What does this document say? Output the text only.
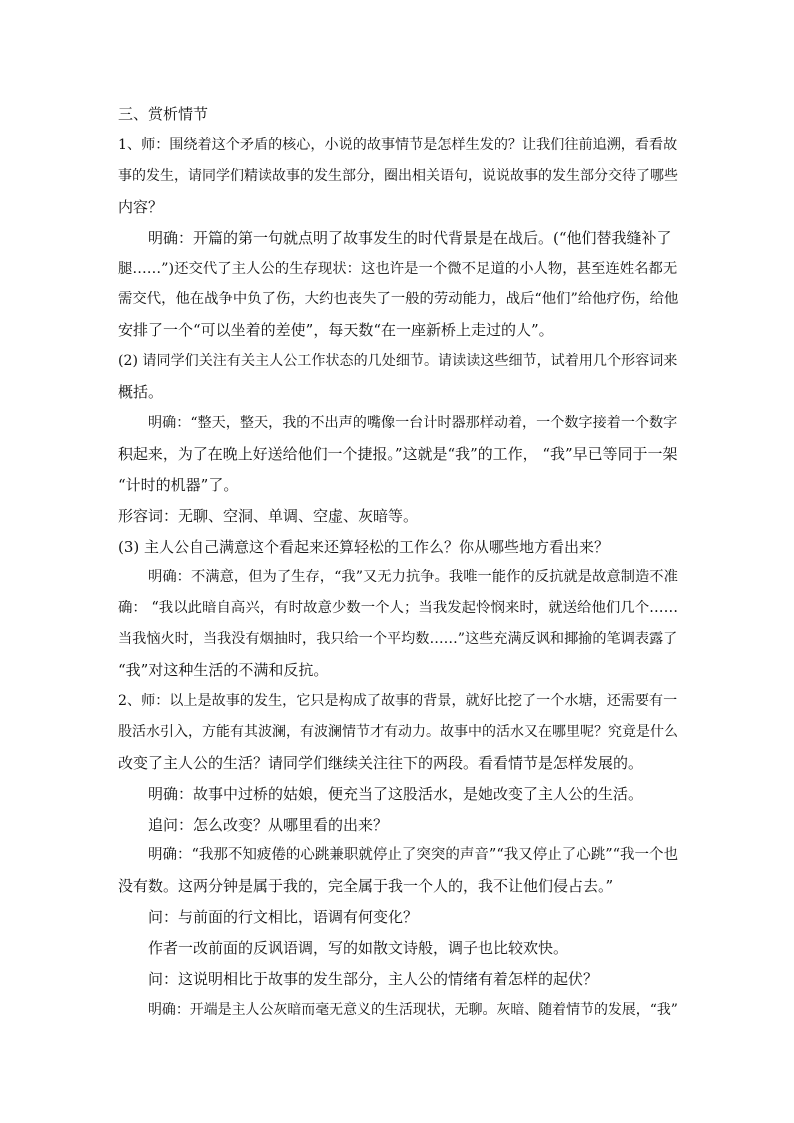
三、赏析情节
1、师：围绕着这个矛盾的核心，小说的故事情节是怎样生发的？让我们往前追溯，看看故
事的发生，请同学们精读故事的发生部分，圈出相关语句，说说故事的发生部分交待了哪些
内容？
明确：开篇的第一句就点明了故事发生的时代背景是在战后。(“他们替我缝补了
腿……”)还交代了主人公的生存现状：这也许是一个微不足道的小人物，甚至连姓名都无
需交代，他在战争中负了伤，大约也丧失了一般的劳动能力，战后“他们”给他疗伤，给他
安排了一个“可以坐着的差使”，每天数“在一座新桥上走过的人”。
(2) 请同学们关注有关主人公工作状态的几处细节。请读读这些细节，试着用几个形容词来
概括。
明确：“整天，整天，我的不出声的嘴像一台计时器那样动着，一个数字接着一个数字
积起来，为了在晚上好送给他们一个捷报。”这就是“我”的工作， “我”早已等同于一架
“计时的机器”了。
形容词：无聊、空洞、单调、空虚、灰暗等。
(3) 主人公自己满意这个看起来还算轻松的工作么？你从哪些地方看出来？
明确：不满意，但为了生存，“我”又无力抗争。我唯一能作的反抗就是故意制造不准
确： “我以此暗自高兴，有时故意少数一个人；当我发起怜悯来时，就送给他们几个……
当我恼火时，当我没有烟抽时，我只给一个平均数……”这些充满反讽和揶揄的笔调表露了
“我”对这种生活的不满和反抗。
2、师：以上是故事的发生，它只是构成了故事的背景，就好比挖了一个水塘，还需要有一
股活水引入，方能有其波澜，有波澜情节才有动力。故事中的活水又在哪里呢？究竟是什么
改变了主人公的生活？请同学们继续关注往下的两段。看看情节是怎样发展的。
明确：故事中过桥的姑娘，便充当了这股活水，是她改变了主人公的生活。
追问：怎么改变？从哪里看的出来？
明确：“我那不知疲倦的心跳兼职就停止了突突的声音”“我又停止了心跳”“我一个也
没有数。这两分钟是属于我的，完全属于我一个人的，我不让他们侵占去。”
问：与前面的行文相比，语调有何变化？
作者一改前面的反讽语调，写的如散文诗般，调子也比较欢快。
问：这说明相比于故事的发生部分，主人公的情绪有着怎样的起伏？
明确：开端是主人公灰暗而毫无意义的生活现状，无聊。灰暗、随着情节的发展，“我”
